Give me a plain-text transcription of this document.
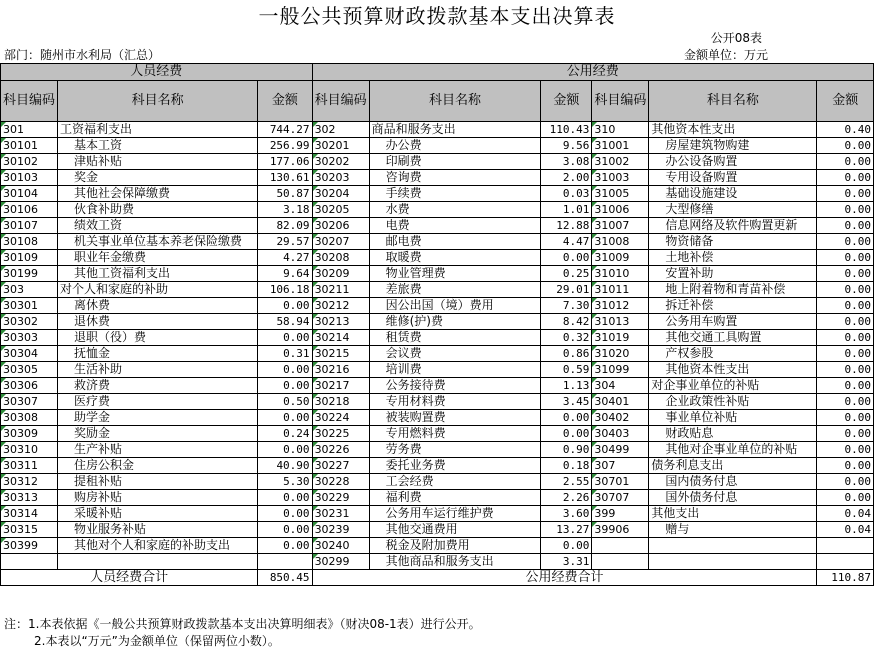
一般公共预算财政拨款基本支出决算表
公开08表
部门：随州市水利局（汇总）	金额单位：万元
人员经费			公用经费					
科目编码	科目名称	金额	科目编码	科目名称	金额	科目编码	科目名称	金额
301	工资福利支出	744.27	302	商品和服务支出	110.43	310	其他资本性支出	0.40
30101	基本工资	256.99	30201	办公费	9.56	31001	房屋建筑物购建	0.00
30102	津贴补贴	177.06	30202	印刷费	3.08	31002	办公设备购置	0.00
30103	奖金	130.61	30203	咨询费	2.00	31003	专用设备购置	0.00
30104	其他社会保障缴费	50.87	30204	手续费	0.03	31005	基础设施建设	0.00
30106	伙食补助费	3.18	30205	水费	1.01	31006	大型修缮	0.00
30107	绩效工资	82.09	30206	电费	12.88	31007	信息网络及软件购置更新	0.00
30108	机关事业单位基本养老保险缴费	29.57	30207	邮电费	4.47	31008	物资储备	0.00
30109	职业年金缴费	4.27	30208	取暖费	0.00	31009	土地补偿	0.00
30199	其他工资福利支出	9.64	30209	物业管理费	0.25	31010	安置补助	0.00
303	对个人和家庭的补助	106.18	30211	差旅费	29.01	31011	地上附着物和青苗补偿	0.00
30301	离休费	0.00	30212	因公出国（境）费用	7.30	31012	拆迁补偿	0.00
30302	退休费	58.94	30213	维修(护)费	8.42	31013	公务用车购置	0.00
30303	退职（役）费	0.00	30214	租赁费	0.32	31019	其他交通工具购置	0.00
30304	抚恤金	0.31	30215	会议费	0.86	31020	产权参股	0.00
30305	生活补助	0.00	30216	培训费	0.59	31099	其他资本性支出	0.00
30306	救济费	0.00	30217	公务接待费	1.13	304	对企事业单位的补贴	0.00
30307	医疗费	0.50	30218	专用材料费	3.45	30401	企业政策性补贴	0.00
30308	助学金	0.00	30224	被装购置费	0.00	30402	事业单位补贴	0.00
30309	奖励金	0.24	30225	专用燃料费	0.00	30403	财政贴息	0.00
30310	生产补贴	0.00	30226	劳务费	0.90	30499	其他对企事业单位的补贴	0.00
30311	住房公积金	40.90	30227	委托业务费	0.18	307	债务利息支出	0.00
30312	提租补贴	5.30	30228	工会经费	2.55	30701	国内债务付息	0.00
30313	购房补贴	0.00	30229	福利费	2.26	30707	国外债务付息	0.00
30314	采暖补贴	0.00	30231	公务用车运行维护费	3.60	399	其他支出	0.04
30315	物业服务补贴	0.00	30239	其他交通费用	13.27	39906	赠与	0.04
30399	其他对个人和家庭的补助支出	0.00	30240	税金及附加费用	0.00			
			30299	其他商品和服务支出	3.31			
人员经费合计		850.45	公用经费合计					110.87
注：1.本表依据《一般公共预算财政拨款基本支出决算明细表》（财决08-1表）进行公开。
2.本表以“万元”为金额单位（保留两位小数）。
